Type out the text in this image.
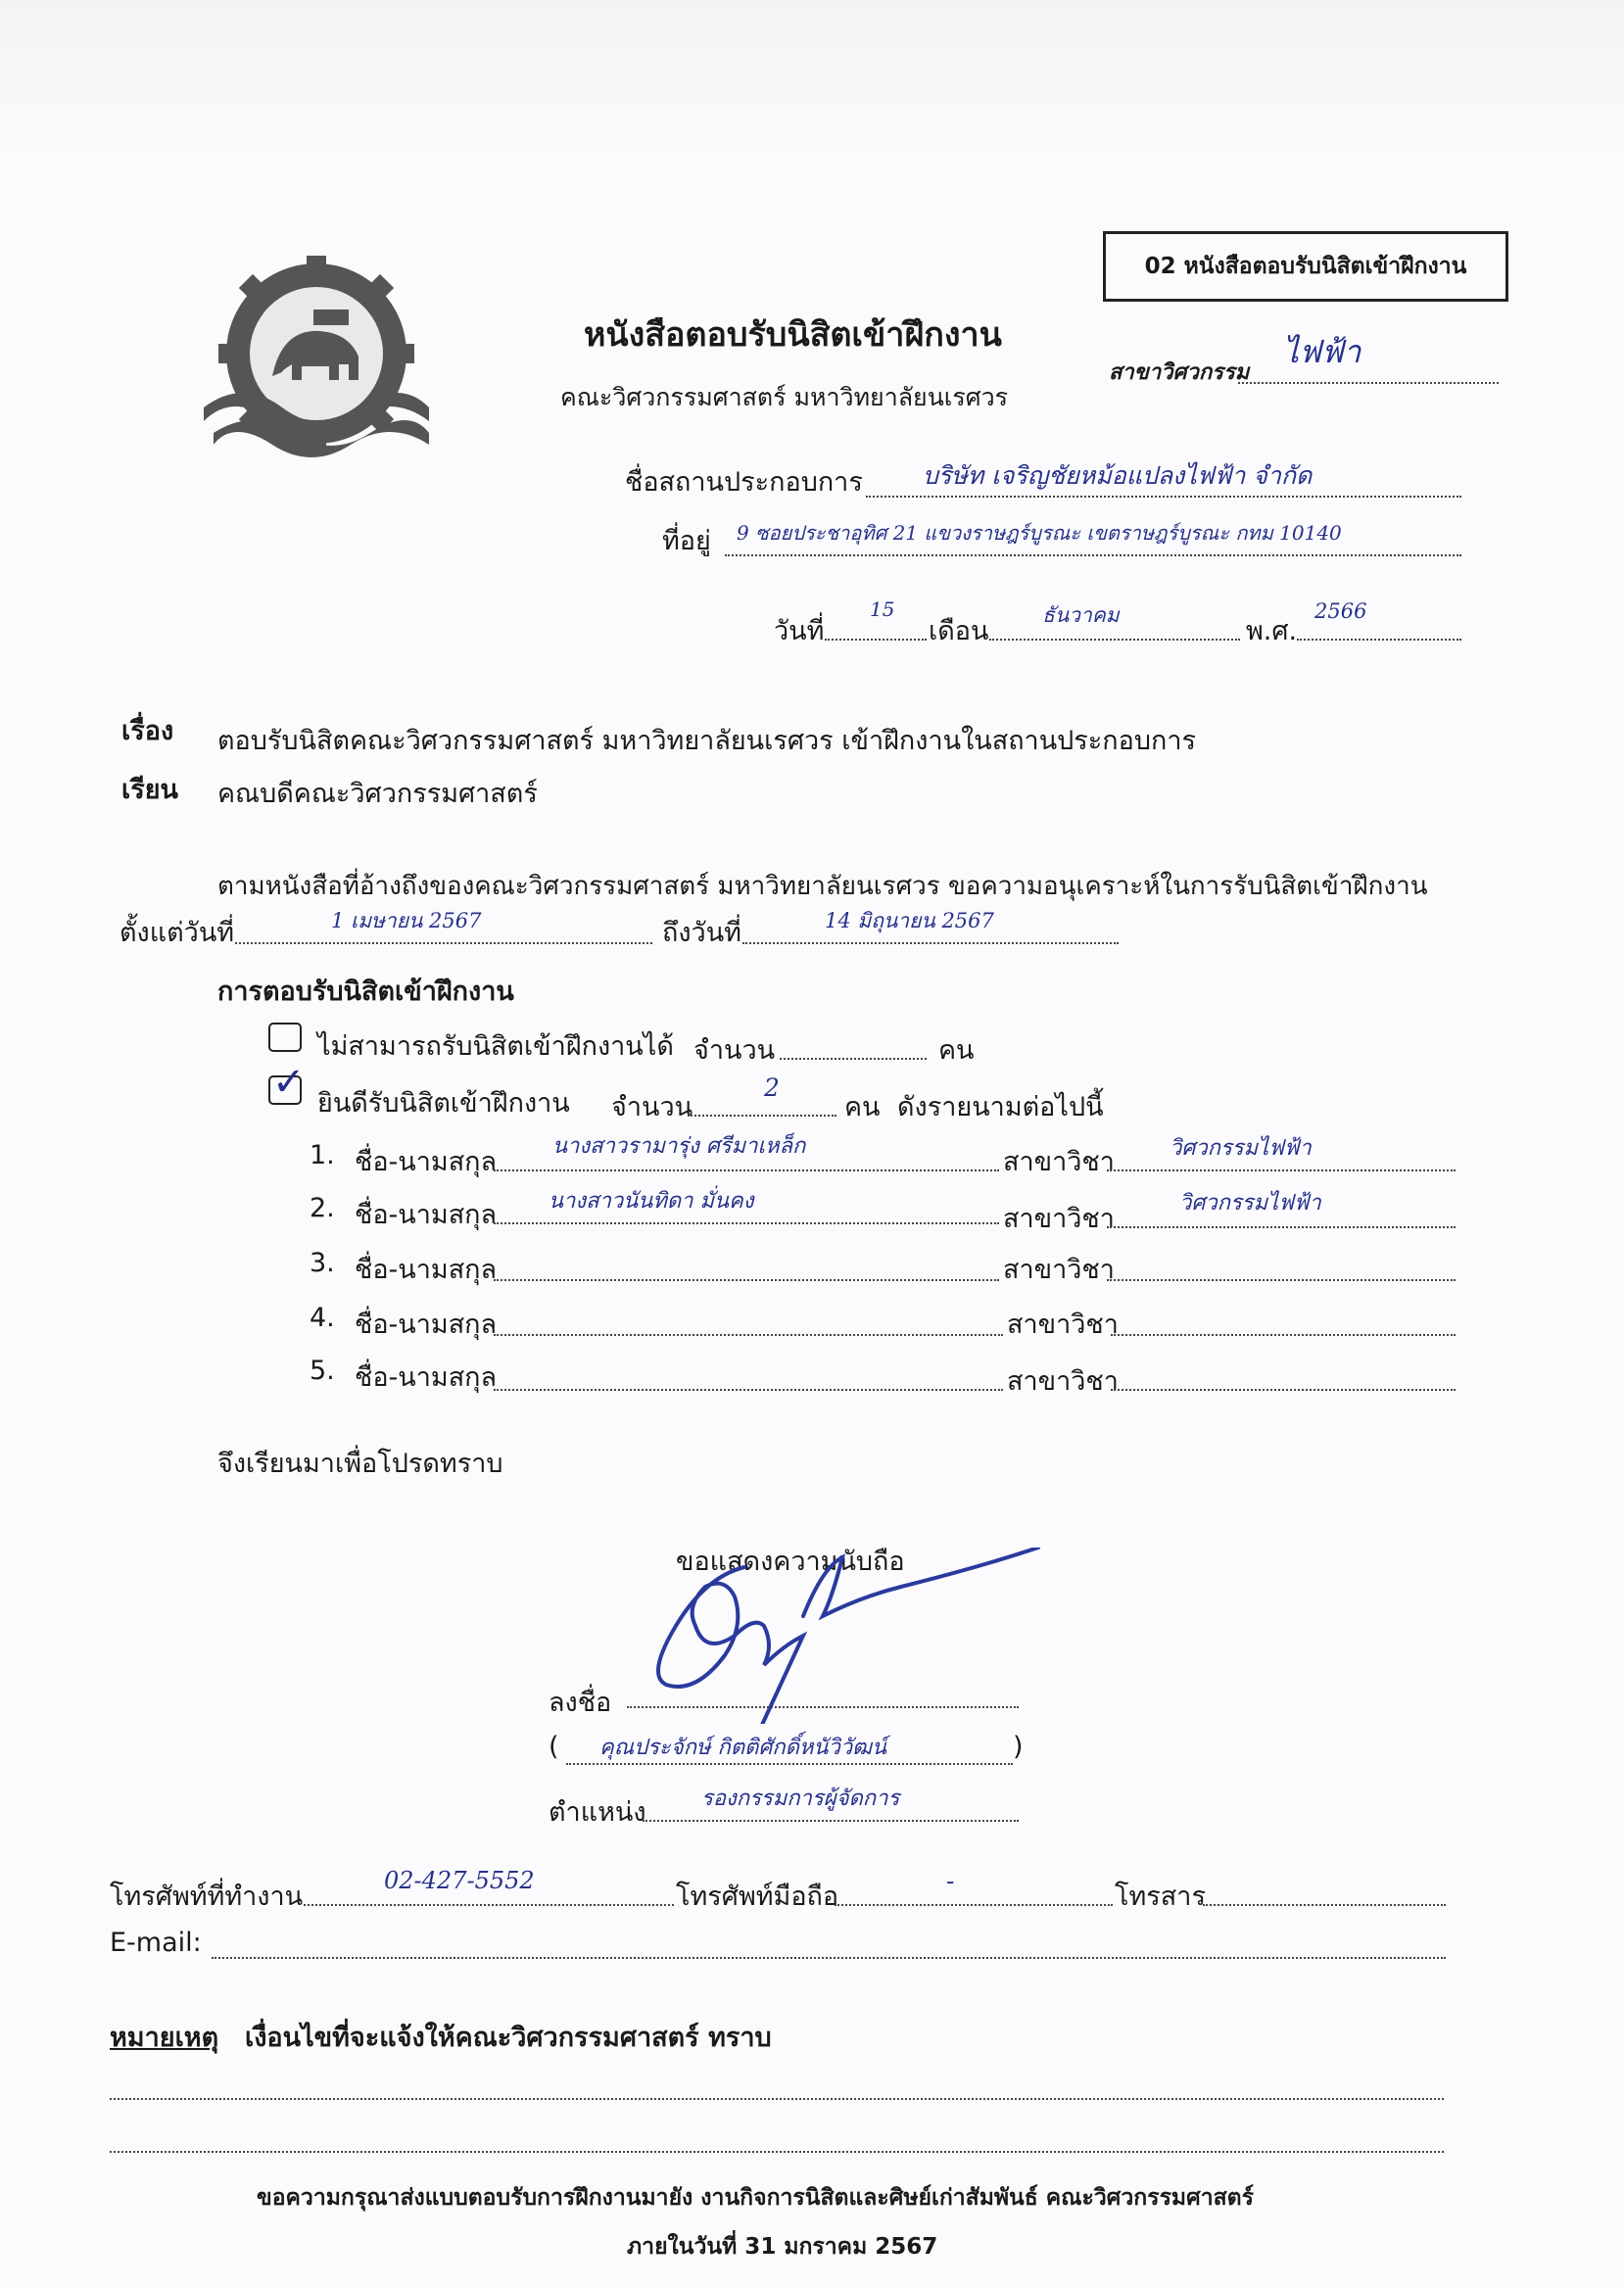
02 หนังสือตอบรับนิสิตเข้าฝึกงาน
หนังสือตอบรับนิสิตเข้าฝึกงาน
คณะวิศวกรรมศาสตร์ มหาวิทยาลัยนเรศวร
สาขาวิศวกรรม
ไฟฟ้า
ชื่อสถานประกอบการ บริษัท เจริญชัยหม้อแปลงไฟฟ้า จำกัด
ที่อยู่ 9 ซอยประชาอุทิศ 21 แขวงราษฎร์บูรณะ เขตราษฎร์บูรณะ กทม 10140
วันที่
15
เดือน
ธันวาคม
พ.ศ.
2566
เรื่อง ตอบรับนิสิตคณะวิศวกรรมศาสตร์ มหาวิทยาลัยนเรศวร เข้าฝึกงานในสถานประกอบการ
เรียน คณบดีคณะวิศวกรรมศาสตร์
ตามหนังสือที่อ้างถึงของคณะวิศวกรรมศาสตร์ มหาวิทยาลัยนเรศวร ขอความอนุเคราะห์ในการรับนิสิตเข้าฝึกงาน
ตั้งแต่วันที่	1 เมษายน 2567	ถึงวันที่	14 มิถุนายน 2567
การตอบรับนิสิตเข้าฝึกงาน
ไม่สามารถรับนิสิตเข้าฝึกงานได้ จำนวน	คน
✓ ยินดีรับนิสิตเข้าฝึกงาน จำนวน
2
คน ดังรายนามต่อไปนี้
1. ชื่อ-นามสกุล
นางสาวรามารุ่ง ศรีมาเหล็ก
สาขาวิชา	วิศวกรรมไฟฟ้า
2. ชื่อ-นามสกุล นางสาวนันทิดา มั่นคง
สาขาวิชา
วิศวกรรมไฟฟ้า
3. ชื่อ-นามสกุล	สาขาวิชา
4. ชื่อ-นามสกุล	สาขาวิชา
5. ชื่อ-นามสกุล	สาขาวิชา
จึงเรียนมาเพื่อโปรดทราบ
ขอแสดงความนับถือ
ลงชื่อ
( คุณประจักษ์ กิตติศักดิ์หนัวิวัฒน์	)
ตำแหน่ง	รองกรรมการผู้จัดการ
โทรศัพท์ที่ทำงาน
02-427-5552
โทรศัพท์มือถือ
-
โทรสาร
E-mail:
หมายเหตุ เงื่อนไขที่จะแจ้งให้คณะวิศวกรรมศาสตร์ ทราบ
ขอความกรุณาส่งแบบตอบรับการฝึกงานมายัง งานกิจการนิสิตและศิษย์เก่าสัมพันธ์ คณะวิศวกรรมศาสตร์
ภายในวันที่ 31 มกราคม 2567
